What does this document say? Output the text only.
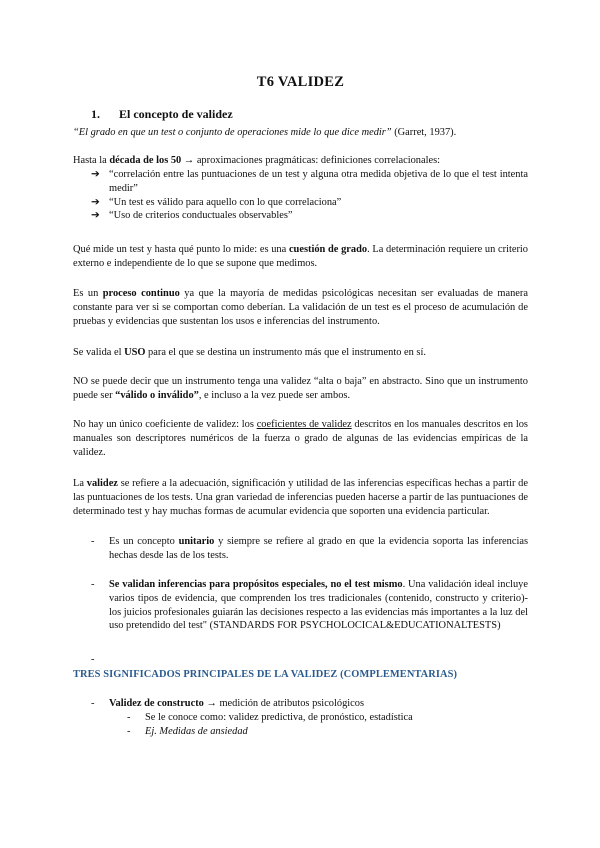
T6 VALIDEZ
1. El concepto de validez
“El grado en que un test o conjunto de operaciones mide lo que dice medir” (Garret, 1937).
Hasta la década de los 50 → aproximaciones pragmáticas: definiciones correlacionales:
➔ “correlación entre las puntuaciones de un test y alguna otra medida objetiva de lo que el test intenta medir”
➔ “Un test es válido para aquello con lo que correlaciona”
➔ “Uso de criterios conductuales observables”
Qué mide un test y hasta qué punto lo mide: es una cuestión de grado. La determinación requiere un criterio externo e independiente de lo que se supone que medimos.
Es un proceso continuo ya que la mayoría de medidas psicológicas necesitan ser evaluadas de manera constante para ver si se comportan como deberían. La validación de un test es el proceso de acumulación de pruebas y evidencias que sustentan los usos e inferencias del instrumento.
Se valida el USO para el que se destina un instrumento más que el instrumento en sí.
NO se puede decir que un instrumento tenga una validez “alta o baja” en abstracto. Sino que un instrumento puede ser “válido o inválido”, e incluso a la vez puede ser ambos.
No hay un único coeficiente de validez: los coeficientes de validez descritos en los manuales descritos en los manuales son descriptores numéricos de la fuerza o grado de algunas de las evidencias empíricas de la validez.
La validez se refiere a la adecuación, significación y utilidad de las inferencias específicas hechas a partir de las puntuaciones de los tests. Una gran variedad de inferencias pueden hacerse a partir de las puntuaciones de determinado test y hay muchas formas de acumular evidencia que soporten una evidencia particular.
- Es un concepto unitario y siempre se refiere al grado en que la evidencia soporta las inferencias hechas desde las de los tests.
- Se validan inferencias para propósitos especiales, no el test mismo. Una validación ideal incluye varios tipos de evidencia, que comprenden los tres tradicionales (contenido, constructo y criterio)- los juicios profesionales guiarán las decisiones respecto a las evidencias más importantes a la luz del uso pretendido del test" (STANDARDS FOR PSYCHOLOCICAL&EDUCATIONALTESTS)
-

TRES SIGNIFICADOS PRINCIPALES DE LA VALIDEZ (COMPLEMENTARIAS)
- Validez de constructo → medición de atributos psicológicos
- Se le conoce como: validez predictiva, de pronóstico, estadística
- Ej. Medidas de ansiedad
